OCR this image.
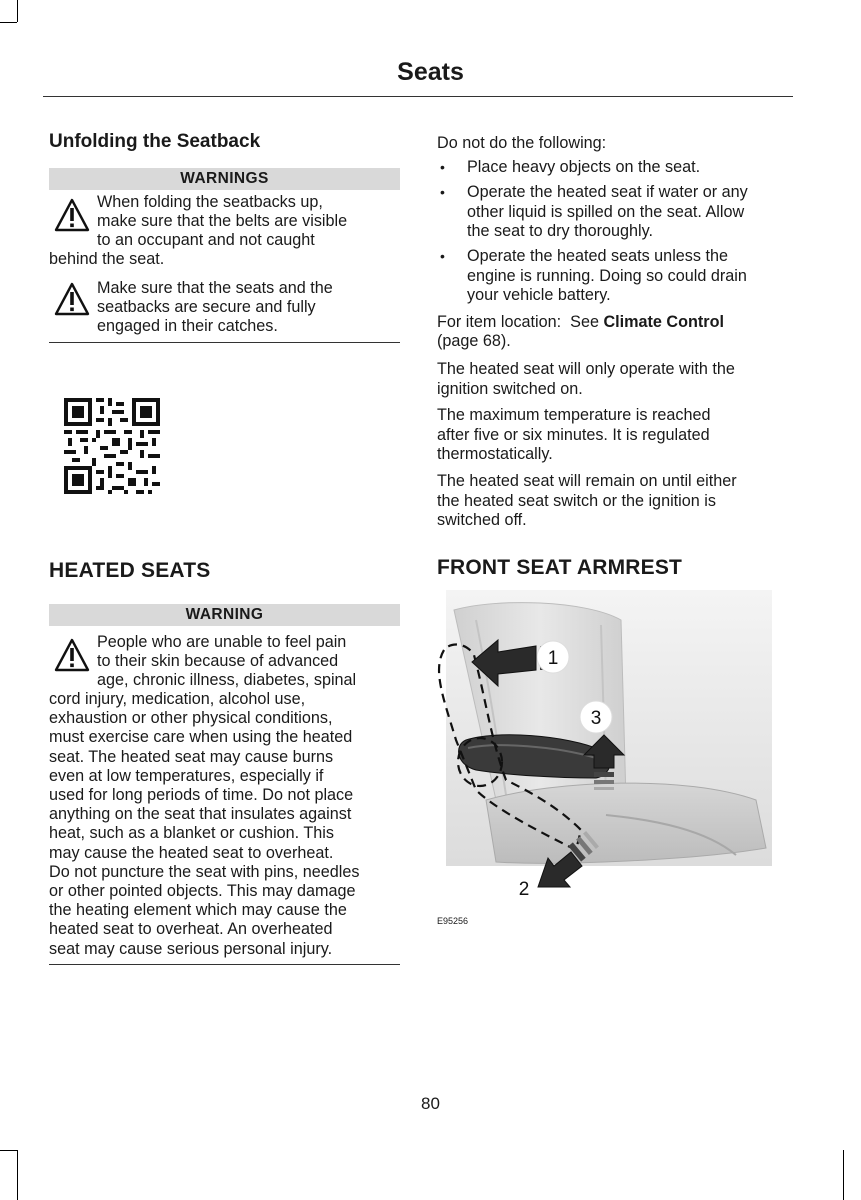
Seats
Unfolding the Seatback
WARNINGS
When folding the seatbacks up,
make sure that the belts are visible
to an occupant and not caught
behind the seat.
Make sure that the seats and the
seatbacks are secure and fully
engaged in their catches.
HEATED SEATS
WARNING
People who are unable to feel pain
to their skin because of advanced
age, chronic illness, diabetes, spinal
cord injury, medication, alcohol use,
exhaustion or other physical conditions,
must exercise care when using the heated
seat. The heated seat may cause burns
even at low temperatures, especially if
used for long periods of time. Do not place
anything on the seat that insulates against
heat, such as a blanket or cushion. This
may cause the heated seat to overheat.
Do not puncture the seat with pins, needles
or other pointed objects. This may damage
the heating element which may cause the
heated seat to overheat. An overheated
seat may cause serious personal injury.
Do not do the following:
• Place heavy objects on the seat.
• Operate the heated seat if water or any
other liquid is spilled on the seat. Allow
the seat to dry thoroughly.
• Operate the heated seats unless the
engine is running. Doing so could drain
your vehicle battery.
For item location:  See Climate Control
(page 68).
The heated seat will only operate with the
ignition switched on.
The maximum temperature is reached
after five or six minutes. It is regulated
thermostatically.
The heated seat will remain on until either
the heated seat switch or the ignition is
switched off.
FRONT SEAT ARMREST
1
3
2
E95256
80
